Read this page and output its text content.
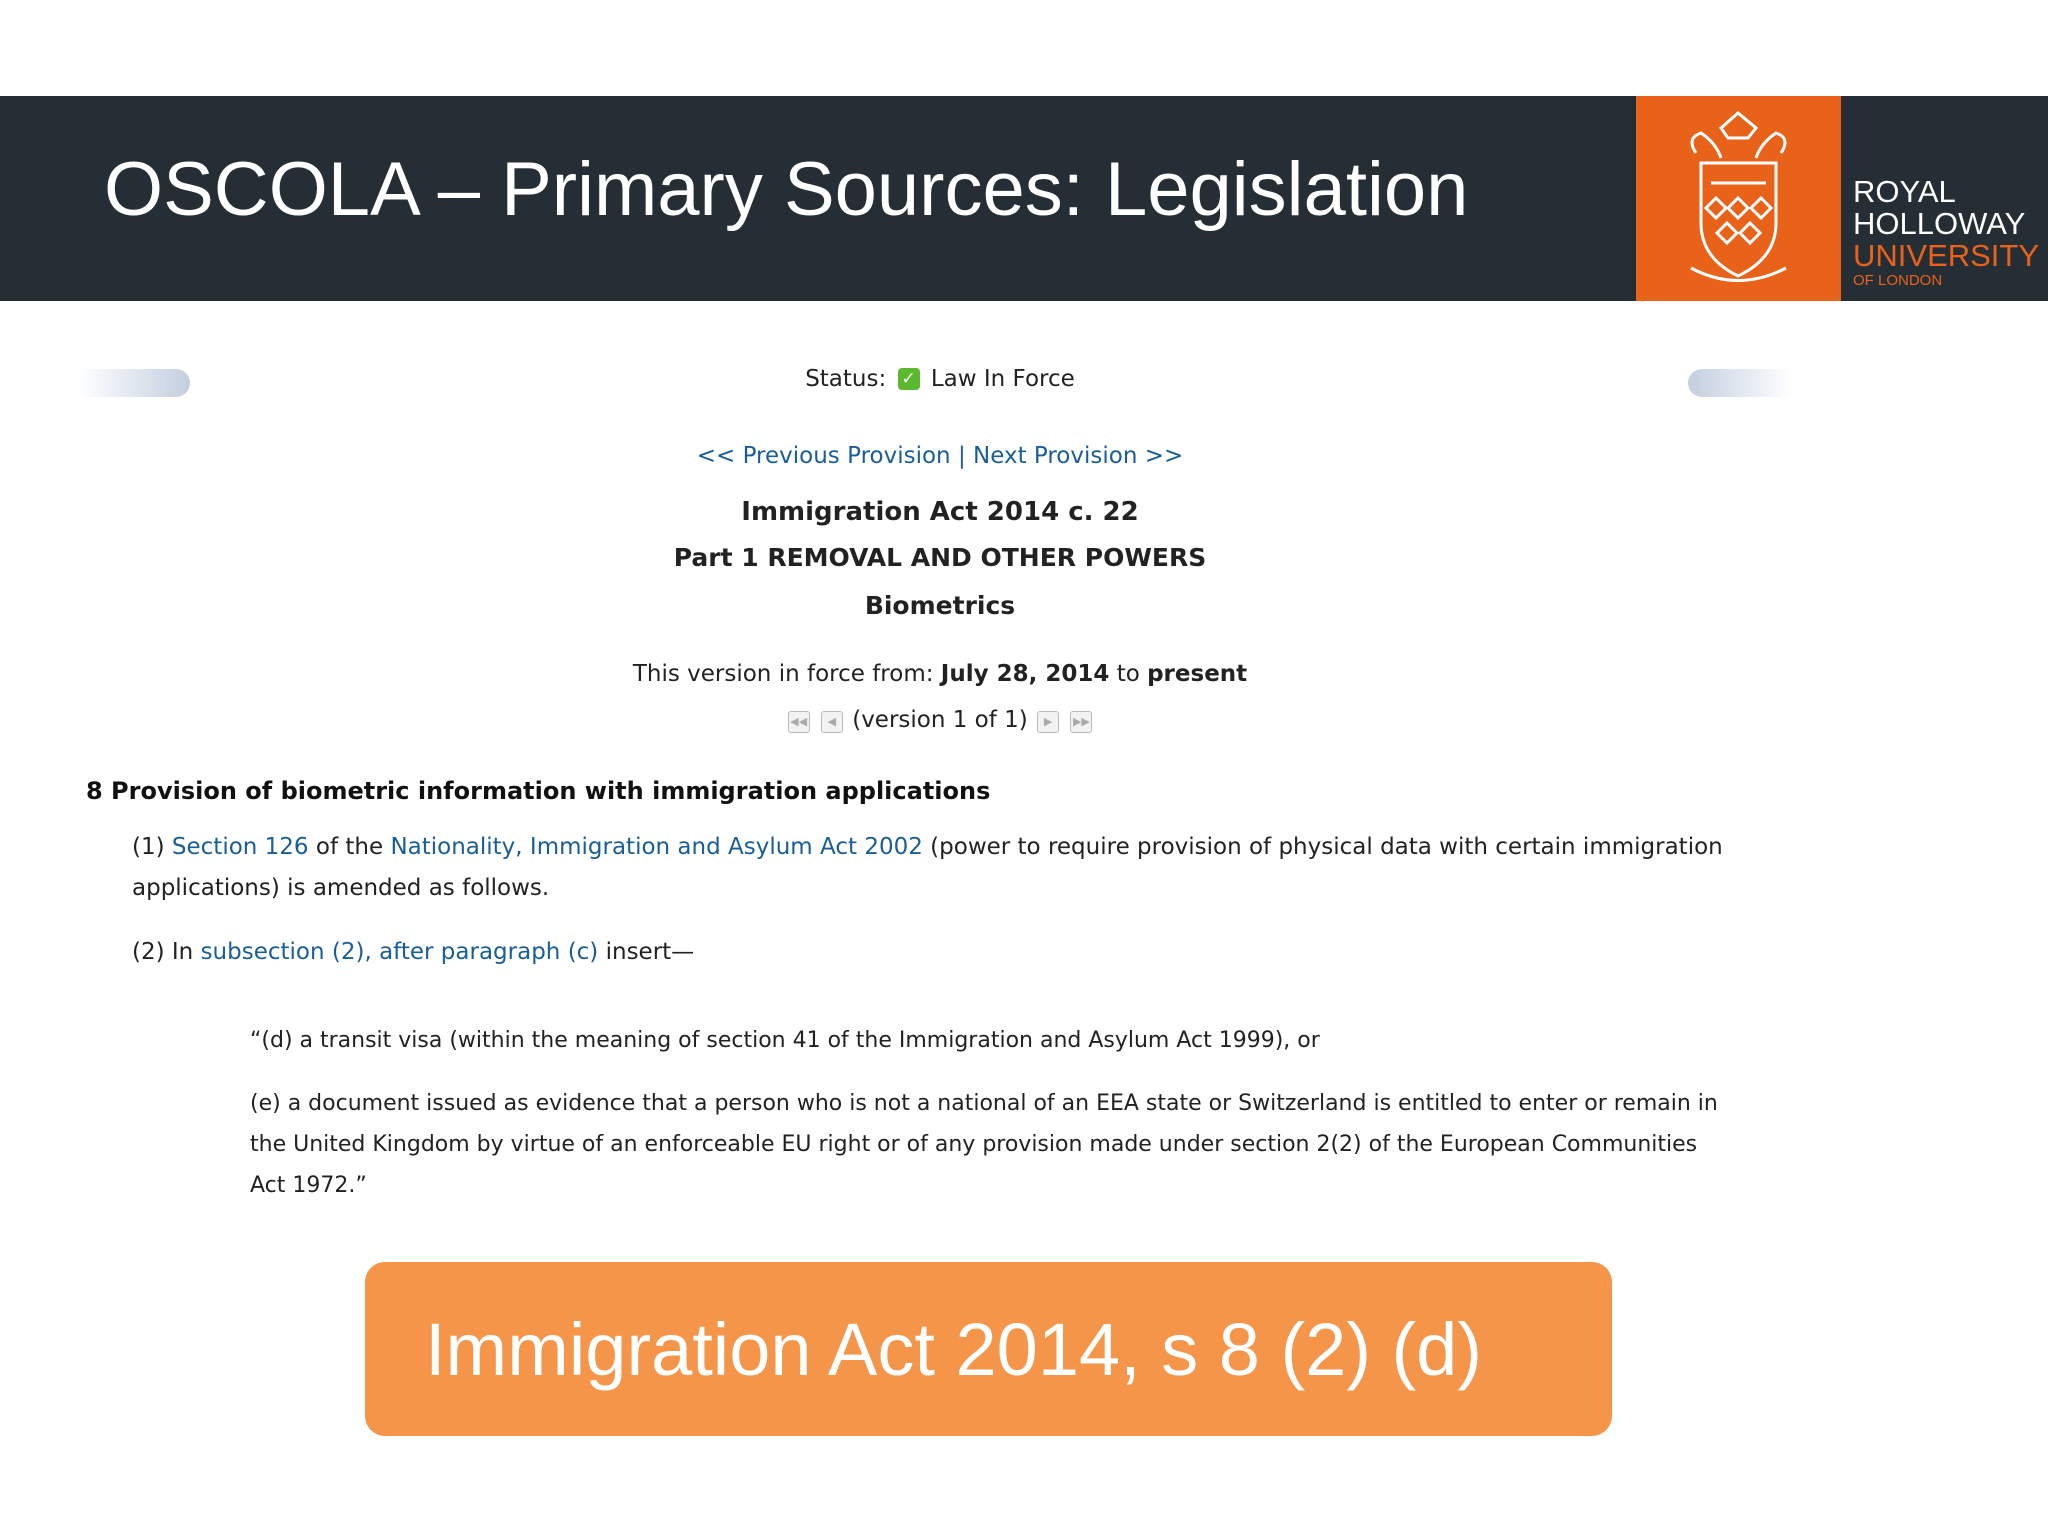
OSCOLA – Primary Sources: Legislation	ROYAL
HOLLOWAY
UNIVERSITY
OF LONDON
Status: ✓ Law In Force
<< Previous Provision | Next Provision >>
Immigration Act 2014 c. 22
Part 1 REMOVAL AND OTHER POWERS
Biometrics
This version in force from: July 28, 2014 to present
◀◀ ◀ (version 1 of 1) ▶ ▶▶
8 Provision of biometric information with immigration applications
(1) Section 126 of the Nationality, Immigration and Asylum Act 2002 (power to require provision of physical data with certain immigration applications) is amended as follows.
(2) In subsection (2), after paragraph (c) insert—
“(d) a transit visa (within the meaning of section 41 of the Immigration and Asylum Act 1999), or
(e) a document issued as evidence that a person who is not a national of an EEA state or Switzerland is entitled to enter or remain in the United Kingdom by virtue of an enforceable EU right or of any provision made under section 2(2) of the European Communities Act 1972.”
Immigration Act 2014, s 8 (2) (d)
